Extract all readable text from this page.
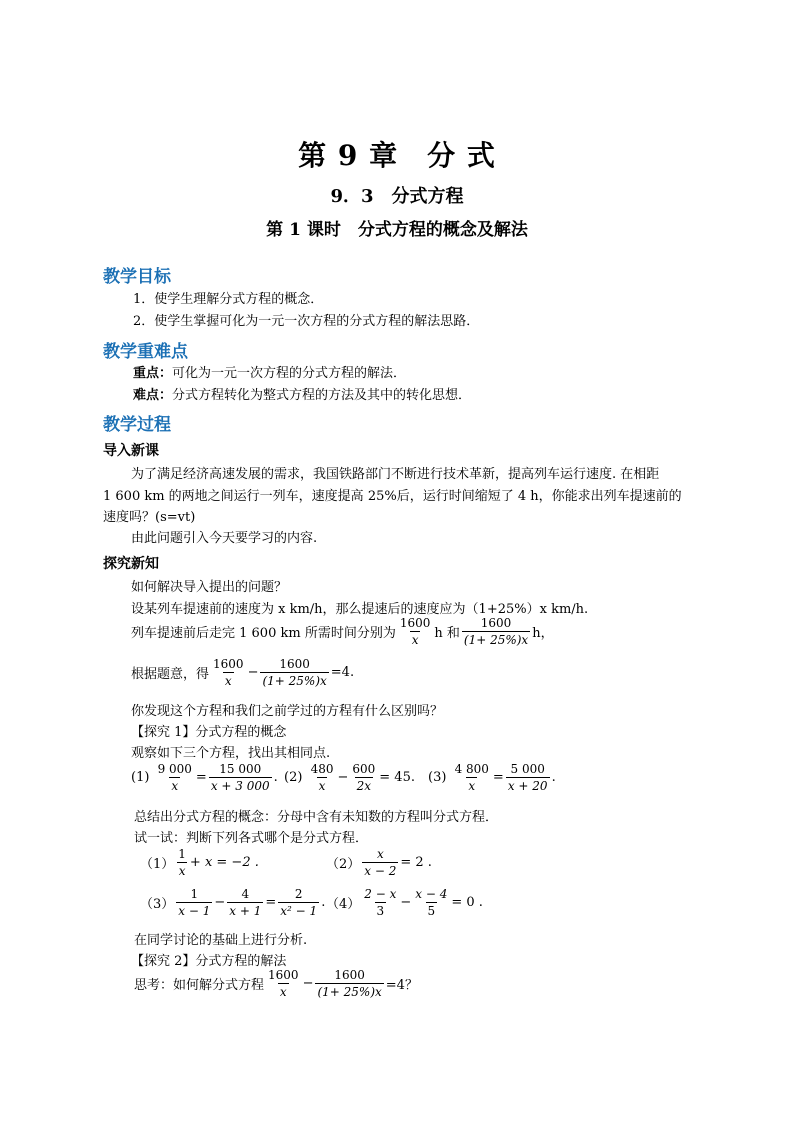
第 9 章　分 式
9．3　分式方程
第 1 课时　分式方程的概念及解法
教学目标
1．使学生理解分式方程的概念．
2．使学生掌握可化为一元一次方程的分式方程的解法思路．
教学重难点
重点：可化为一元一次方程的分式方程的解法．
难点：分式方程转化为整式方程的方法及其中的转化思想．
教学过程
导入新课
为了满足经济高速发展的需求，我国铁路部门不断进行技术革新，提高列车运行速度. 在相距
1 600 km 的两地之间运行一列车，速度提高 25%后，运行时间缩短了 4 h，你能求出列车提速前的
速度吗？(s=vt)
由此问题引入今天要学习的内容.
探究新知
如何解决导入提出的问题？
设某列车提速前的速度为 x km/h，那么提速后的速度应为（1+25%）x km/h.
列车提速前后走完 1 600 km 所需时间分别为 $\frac{1600}{x}$ h 和 $\frac{1600}{(1+ 25\%)x}$ h，
根据题意，得 $\frac{1600}{x} - \frac{1600}{(1+ 25\%)x} =4$.
你发现这个方程和我们之前学过的方程有什么区别吗？
【探究 1】分式方程的概念
观察如下三个方程，找出其相同点.
(1)
$\frac{9 000}{x} = \frac{15 000}{x + 3 000}$ . (2)
$\frac{480}{x} - \frac{600}{2x} = 45$. (3)
$\frac{4 800}{x} = \frac{5 000}{x + 20}$ .
总结出分式方程的概念：分母中含有未知数的方程叫分式方程．
试一试：判断下列各式哪个是分式方程．
$(1) \frac{1}{x} + x = -2$ .	$(2) \frac{x}{x - 2} = 2$ .
$(3) \frac{1}{x - 1} - \frac{4}{x + 1} = \frac{2}{\text{x² − 1}}$ . $(4) \frac{2 - x}{3} - \frac{x - 4}{5} = 0$ .
在同学讨论的基础上进行分析.
【探究 2】分式方程的解法
思考：如何解分式方程 $\frac{1600}{x} - \frac{1600}{(1+ 25\%)x} =4$？
